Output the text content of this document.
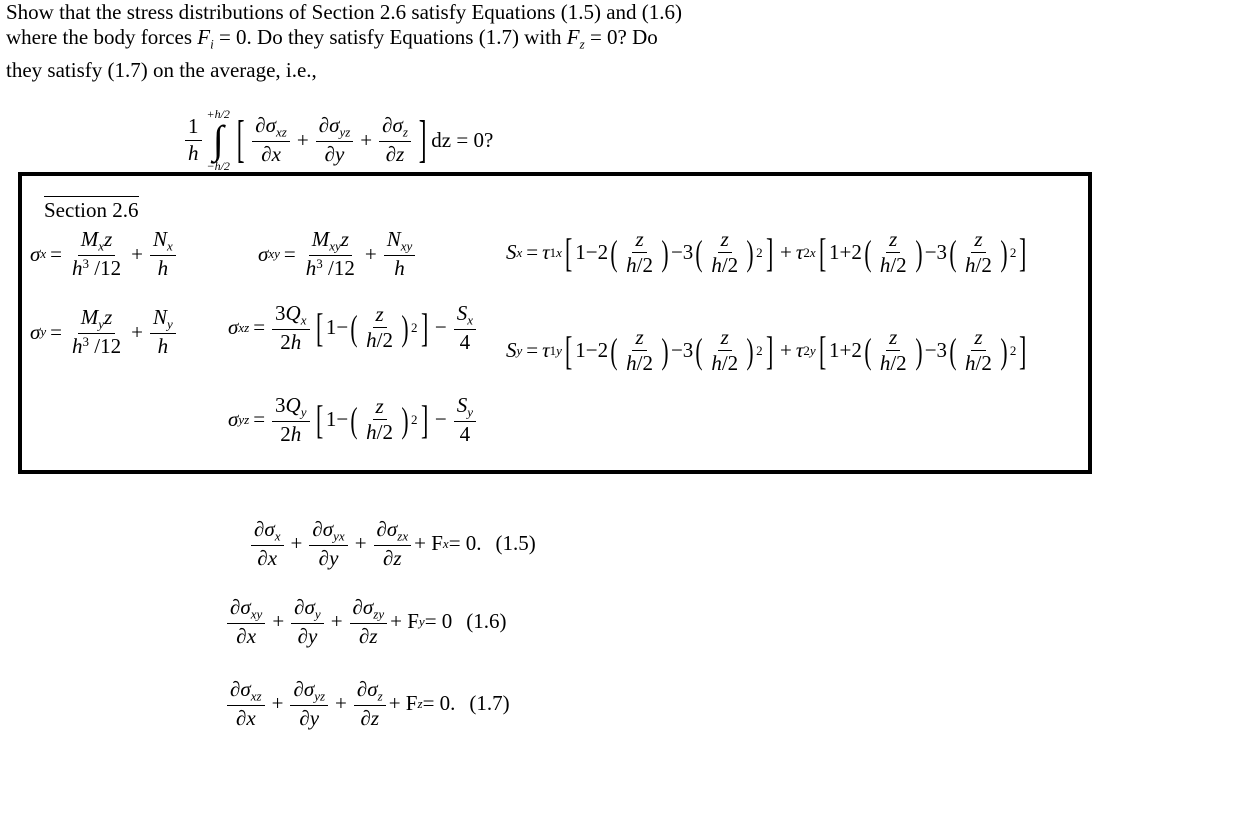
Show that the stress distributions of Section 2.6 satisfy Equations (1.5) and (1.6)
where the body forces $F_i = 0$. Do they satisfy Equations (1.7) with $F_z = 0$? Do
they satisfy (1.7) on the average, i.e.,
$\frac{1}{h}$
+h/2
∫
−h/2 [ $\frac{\partial\sigma_{xz}}{\partial x} + \frac{\partial\sigma_{yz}}{\partial y} + \frac{\partial\sigma_z}{\partial z}$ ] dz = 0?
Section 2.6
σ $x = \frac{M_xz}{h^3 /12} + \frac{N_x}{h}$
σ $y = \frac{M_yz}{h^3 /12} + \frac{N_y}{h}$
σ xy = $\frac{M_{xy}z}{h^3 /12} + \frac{N_{xy}}{h}$
σ xz = $\frac{3Q_x}{2h}$ [ 1− ( $\frac{z}{h/2}$ ) 2 ] − $\frac{S_x}{4}$
σ yz = $\frac{3Q_y}{2h}$ [ 1− ( $\frac{z}{h/2}$ ) 2 ] − $\frac{S_y}{4}$
S x = τ 1x [ 1−2 ( $\frac{z}{h/2}$ ) −3 ( $\frac{z}{h/2}$ ) 2 ] + τ 2x [ 1+2 ( $\frac{z}{h/2}$ ) −3 ( $\frac{z}{h/2}$ ) 2 ]
S y = τ 1y [ 1−2 ( $\frac{z}{h/2}$ ) −3 ( $\frac{z}{h/2}$ ) 2 ] + τ 2y [ 1+2 ( $\frac{z}{h/2}$ ) −3 ( $\frac{z}{h/2}$ ) 2 ]
$\frac{\partial\sigma_x}{\partial x} + \frac{\partial\sigma_{yx}}{\partial y} + \frac{\partial\sigma_{zx}}{\partial z} + F$ x = 0. (1.5)
$\frac{\partial\sigma_{xy}}{\partial x} + \frac{\partial\sigma_y}{\partial y} + \frac{\partial\sigma_{zy}}{\partial z} + F$ y = 0 (1.6)
$\frac{\partial\sigma_{xz}}{\partial x} + \frac{\partial\sigma_{yz}}{\partial y} + \frac{\partial\sigma_z}{\partial z} + F$ z = 0. (1.7)
